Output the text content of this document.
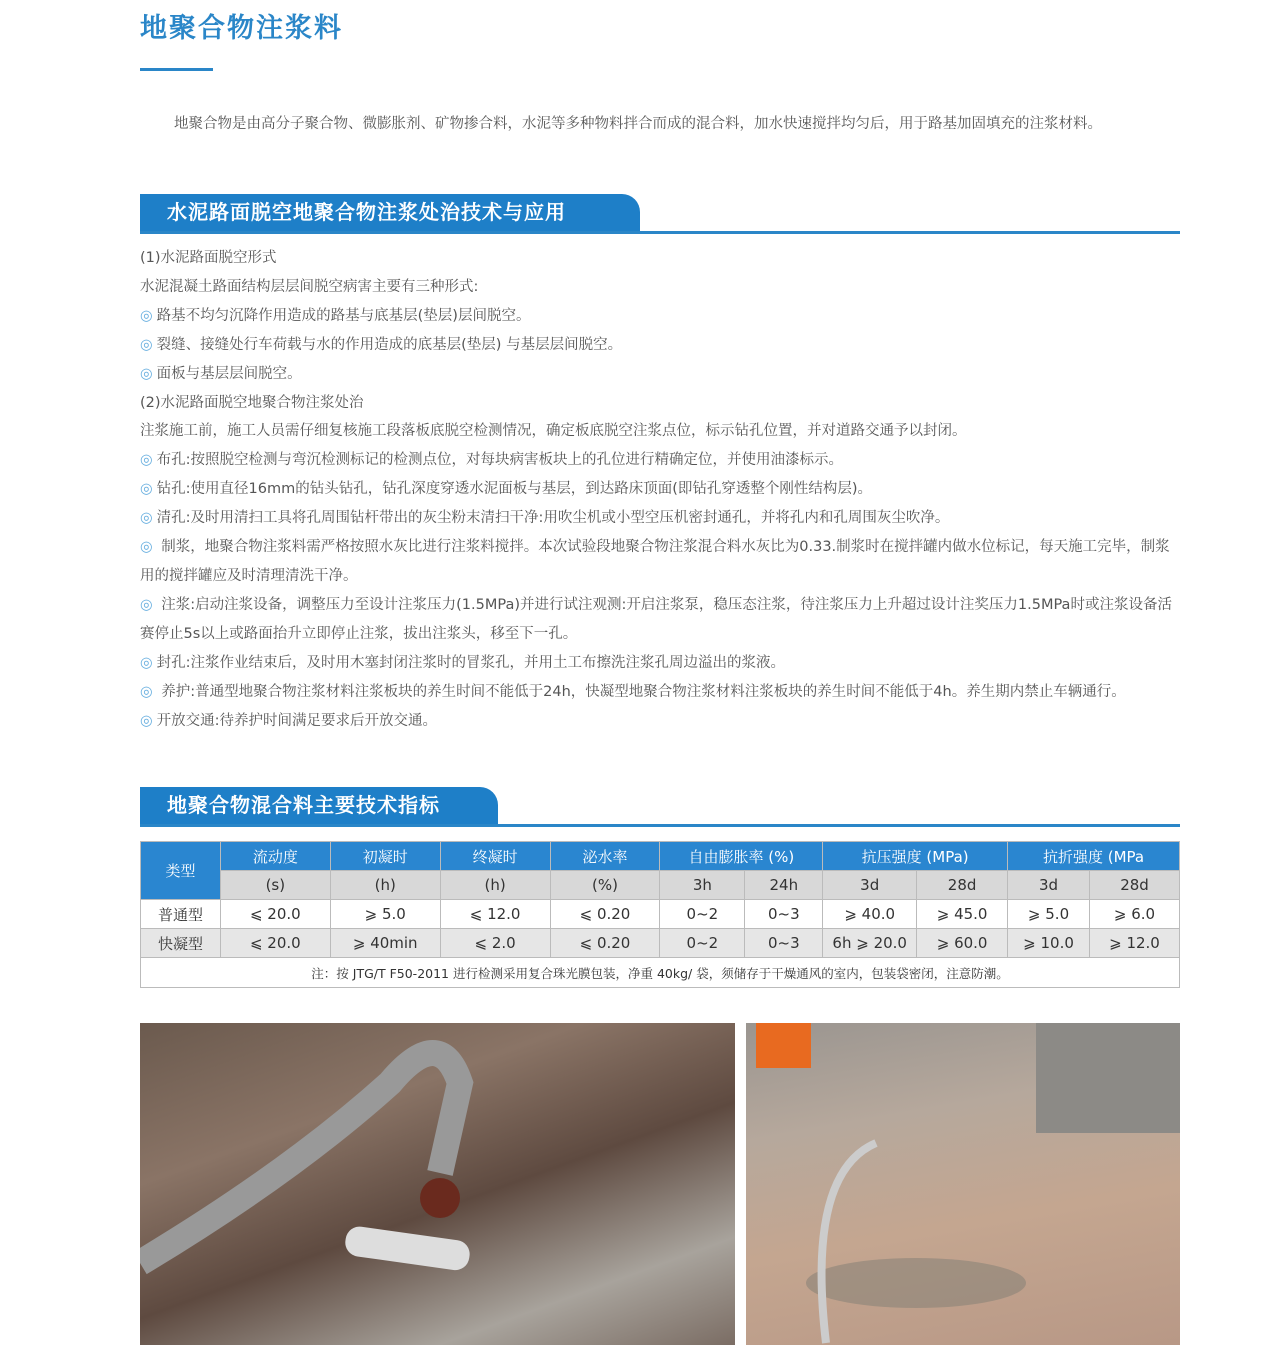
地聚合物注浆料
地聚合物是由高分子聚合物、微膨胀剂、矿物掺合料，水泥等多种物料拌合而成的混合料，加水快速搅拌均匀后，用于路基加固填充的注浆材料。
水泥路面脱空地聚合物注浆处治技术与应用

(1)水泥路面脱空形式

水泥混凝土路面结构层层间脱空病害主要有三种形式:

◎ 路基不均匀沉降作用造成的路基与底基层(垫层)层间脱空。

◎ 裂缝、接缝处行车荷载与水的作用造成的底基层(垫层) 与基层层间脱空。

◎ 面板与基层层间脱空。

(2)水泥路面脱空地聚合物注浆处治

注浆施工前，施工人员需仔细复核施工段落板底脱空检测情况，确定板底脱空注浆点位，标示钻孔位置，并对道路交通予以封闭。

◎ 布孔:按照脱空检测与弯沉检测标记的检测点位，对每块病害板块上的孔位进行精确定位，并使用油漆标示。

◎ 钻孔:使用直径16mm的钻头钻孔，钻孔深度穿透水泥面板与基层，到达路床顶面(即钻孔穿透整个刚性结构层)。

◎ 清孔:及时用清扫工具将孔周围钻杆带出的灰尘粉末清扫干净:用吹尘机或小型空压机密封通孔，并将孔内和孔周围灰尘吹净。

◎ 制浆，地聚合物注浆料需严格按照水灰比进行注浆料搅拌。本次试验段地聚合物注浆混合料水灰比为0.33.制浆时在搅拌罐内做水位标记，每天施工完毕，制浆用的搅拌罐应及时清理清洗干净。

◎ 注浆:启动注浆设备，调整压力至设计注浆压力(1.5MPa)并进行试注观测:开启注浆泵，稳压态注浆，待注浆压力上升超过设计注奖压力1.5MPa时或注浆设备活赛停止5s以上或路面抬升立即停止注浆，拔出注浆头，移至下一孔。

◎ 封孔:注浆作业结束后，及时用木塞封闭注浆时的冒浆孔，并用土工布擦洗注浆孔周边溢出的浆液。

◎ 养护:普通型地聚合物注浆材料注浆板块的养生时间不能低于24h，快凝型地聚合物注浆材料注浆板块的养生时间不能低于4h。养生期内禁止车辆通行。

◎ 开放交通:待养护时间满足要求后开放交通。

地聚合物混合料主要技术指标
类型	流动度	初凝时	终凝时	泌水率	自由膨胀率 (%)		抗压强度 (MPa)		抗折强度 (MPa	
	(s)	(h)	(h)	(%)	3h	24h	3d	28d	3d	28d
普通型	⩽ 20.0	⩾ 5.0	⩽ 12.0	⩽ 0.20	0~2	0~3	⩾ 40.0	⩾ 45.0	⩾ 5.0	⩾ 6.0
快凝型	⩽ 20.0	⩾ 40min	⩽ 2.0	⩽ 0.20	0~2	0~3	6h ⩾ 20.0	⩾ 60.0	⩾ 10.0	⩾ 12.0
注：按 JTG/T F50-2011 进行检测采用复合珠光膜包装，净重 40kg/ 袋，须储存于干燥通风的室内，包装袋密闭，注意防潮。										
